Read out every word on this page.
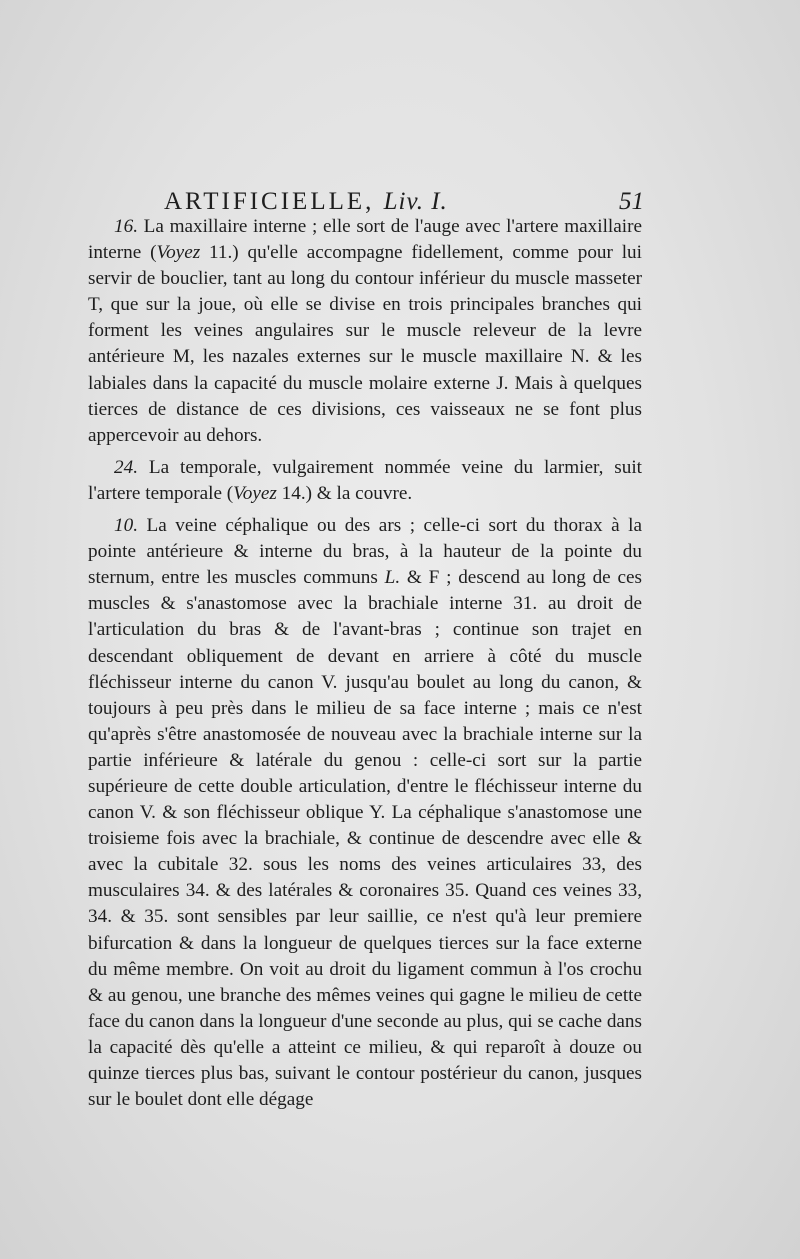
ARTIFICIELLE, Liv. I.	51

16. La maxillaire interne ; elle sort de l'auge avec l'artere maxillaire interne (Voyez 11.) qu'elle accompagne fidellement, comme pour lui servir de bouclier, tant au long du contour inférieur du muscle masseter T, que sur la joue, où elle se divise en trois principales branches qui forment les veines angulaires sur le muscle releveur de la levre antérieure M, les nazales externes sur le muscle maxillaire N. & les labiales dans la capacité du muscle molaire externe J. Mais à quelques tierces de distance de ces divisions, ces vaisseaux ne se font plus appercevoir au dehors.

24. La temporale, vulgairement nommée veine du larmier, suit l'artere temporale (Voyez 14.) & la couvre.

10. La veine céphalique ou des ars ; celle-ci sort du thorax à la pointe antérieure & interne du bras, à la hauteur de la pointe du sternum, entre les muscles communs L. & F ; descend au long de ces muscles & s'anastomose avec la brachiale interne 31. au droit de l'articulation du bras & de l'avant-bras ; continue son trajet en descendant obliquement de devant en arriere à côté du muscle fléchisseur interne du canon V. jusqu'au boulet au long du canon, & toujours à peu près dans le milieu de sa face interne ; mais ce n'est qu'après s'être anastomosée de nouveau avec la brachiale interne sur la partie inférieure & latérale du genou : celle-ci sort sur la partie supérieure de cette double articulation, d'entre le fléchisseur interne du canon V. & son fléchisseur oblique Y. La céphalique s'anastomose une troisieme fois avec la brachiale, & continue de descendre avec elle & avec la cubitale 32. sous les noms des veines articulaires 33, des musculaires 34. & des latérales & coronaires 35. Quand ces veines 33, 34. & 35. sont sensibles par leur saillie, ce n'est qu'à leur premiere bifurcation & dans la longueur de quelques tierces sur la face externe du même membre. On voit au droit du ligament commun à l'os crochu & au genou, une branche des mêmes veines qui gagne le milieu de cette face du canon dans la longueur d'une seconde au plus, qui se cache dans la capacité dès qu'elle a atteint ce milieu, & qui reparoît à douze ou quinze tierces plus bas, suivant le contour postérieur du canon, jusques sur le boulet dont elle dégage
